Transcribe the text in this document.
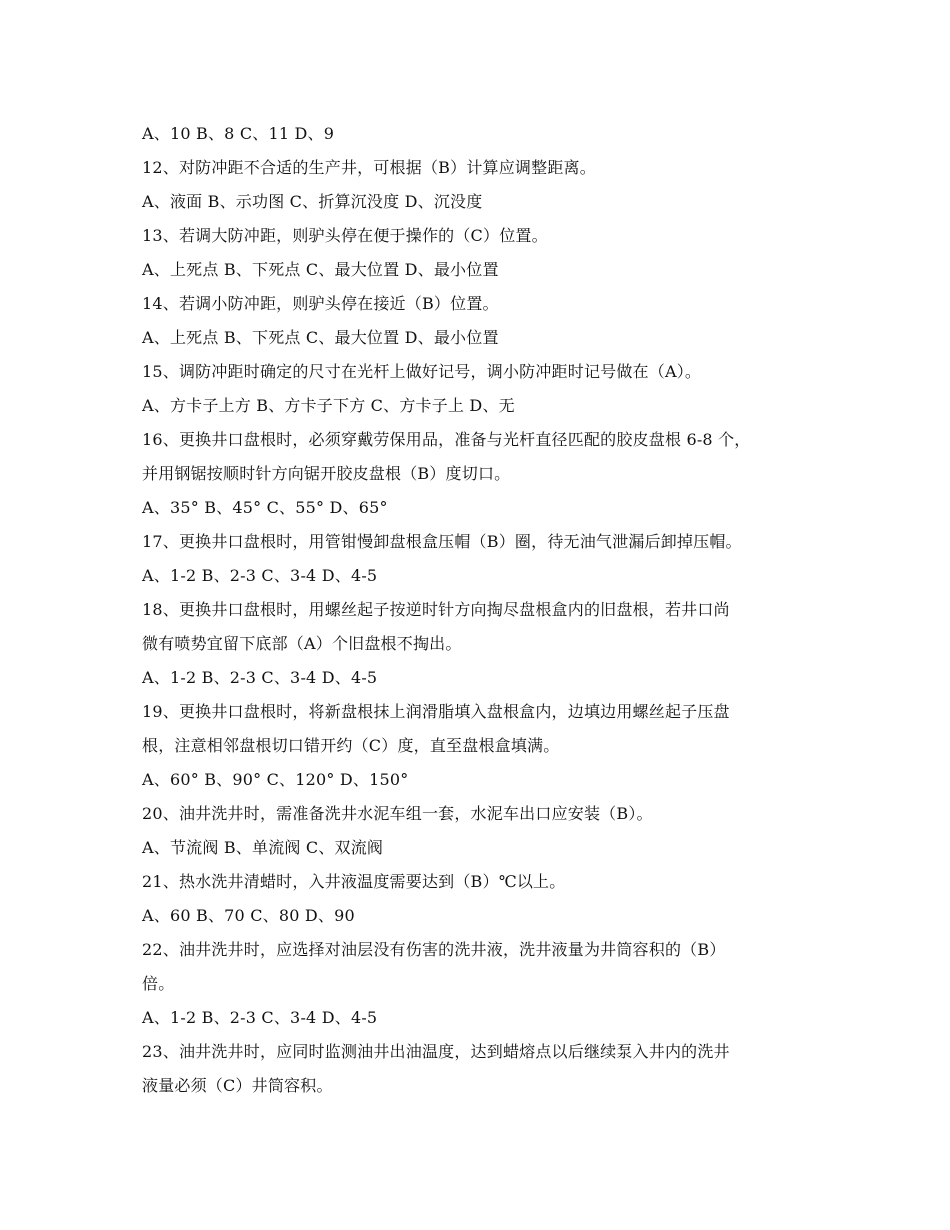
A、10 B、8 C、11 D、9
12、对防冲距不合适的生产井，可根据（B）计算应调整距离。
A、液面 B、示功图 C、折算沉没度 D、沉没度
13、若调大防冲距，则驴头停在便于操作的（C）位置。
A、上死点 B、下死点 C、最大位置 D、最小位置
14、若调小防冲距，则驴头停在接近（B）位置。
A、上死点 B、下死点 C、最大位置 D、最小位置
15、调防冲距时确定的尺寸在光杆上做好记号，调小防冲距时记号做在（A）。
A、方卡子上方 B、方卡子下方 C、方卡子上 D、无
16、更换井口盘根时，必须穿戴劳保用品，准备与光杆直径匹配的胶皮盘根 6-8 个，
并用钢锯按顺时针方向锯开胶皮盘根（B）度切口。
A、35° B、45° C、55° D、65°
17、更换井口盘根时，用管钳慢卸盘根盒压帽（B）圈，待无油气泄漏后卸掉压帽。
A、1-2 B、2-3 C、3-4 D、4-5
18、更换井口盘根时，用螺丝起子按逆时针方向掏尽盘根盒内的旧盘根，若井口尚
微有喷势宜留下底部（A）个旧盘根不掏出。
A、1-2 B、2-3 C、3-4 D、4-5
19、更换井口盘根时，将新盘根抹上润滑脂填入盘根盒内，边填边用螺丝起子压盘
根，注意相邻盘根切口错开约（C）度，直至盘根盒填满。
A、60° B、90° C、120° D、150°
20、油井洗井时，需准备洗井水泥车组一套，水泥车出口应安装（B）。
A、节流阀 B、单流阀 C、双流阀
21、热水洗井清蜡时，入井液温度需要达到（B）℃以上。
A、60 B、70 C、80 D、90
22、油井洗井时，应选择对油层没有伤害的洗井液，洗井液量为井筒容积的（B）
倍。
A、1-2 B、2-3 C、3-4 D、4-5
23、油井洗井时，应同时监测油井出油温度，达到蜡熔点以后继续泵入井内的洗井
液量必须（C）井筒容积。
